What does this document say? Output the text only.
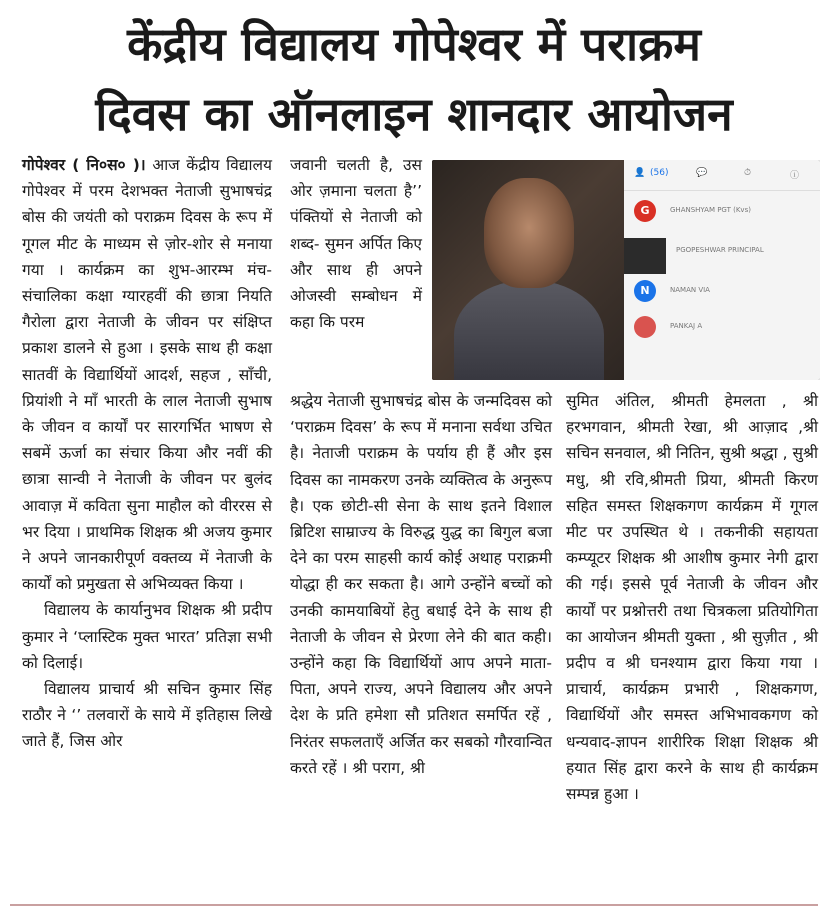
केंद्रीय विद्यालय गोपेश्वर में पराक्रम
दिवस का ऑनलाइन शानदार आयोजन

गोपेश्वर ( नि०स० )। आज केंद्रीय विद्यालय गोपेश्वर में परम देशभक्त नेताजी सुभाषचंद्र बोस की जयंती को पराक्रम दिवस के रूप में गूगल मीट के माध्यम से ज़ोर-शोर से मनाया गया । कार्यक्रम का शुभ-आरम्भ मंच-संचालिका कक्षा ग्यारहवीं की छात्रा नियति गैरोला द्वारा नेताजी के जीवन पर संक्षिप्त प्रकाश डालने से हुआ । इसके साथ ही कक्षा सातवीं के विद्यार्थियों आदर्श, सहज , साँची, प्रियांशी ने माँ भारती के लाल नेताजी सुभाष के जीवन व कार्यों पर सारगर्भित भाषण से सबमें ऊर्जा का संचार किया और नवीं की छात्रा सान्वी ने नेताजी के जीवन पर बुलंद आवाज़ में कविता सुना माहौल को वीररस से भर दिया । प्राथमिक शिक्षक श्री अजय कुमार ने अपने जानकारीपूर्ण वक्तव्य में नेताजी के कार्यों को प्रमुखता से अभिव्यक्त किया ।

विद्यालय के कार्यानुभव शिक्षक श्री प्रदीप कुमार ने ‘प्लास्टिक मुक्त भारत’ प्रतिज्ञा सभी को दिलाई।

विद्यालय प्राचार्य श्री सचिन कुमार सिंह राठौर ने ‘’ तलवारों के साये में इतिहास लिखे जाते हैं, जिस ओर

जवानी चलती है, उस ओर ज़माना चलता है’’ पंक्तियों से नेताजी को शब्द- सुमन अर्पित किए और साथ ही अपने ओजस्वी सम्बोधन में कहा कि परम

श्रद्धेय नेताजी सुभाषचंद्र बोस के जन्मदिवस को ‘पराक्रम दिवस’ के रूप में मनाना सर्वथा उचित है। नेताजी पराक्रम के पर्याय ही हैं और इस दिवस का नामकरण उनके व्यक्तित्व के अनुरूप है। एक छोटी-सी सेना के साथ इतने विशाल ब्रिटिश साम्राज्य के विरुद्ध युद्ध का बिगुल बजा देने का परम साहसी कार्य कोई अथाह पराक्रमी योद्धा ही कर सकता है। आगे उन्होंने बच्चों को उनकी कामयाबियों हेतु बधाई देने के साथ ही नेताजी के जीवन से प्रेरणा लेने की बात कही। उन्होंने कहा कि विद्यार्थियों आप अपने माता-पिता, अपने राज्य, अपने विद्यालय और अपने देश के प्रति हमेशा सौ प्रतिशत समर्पित रहें , निरंतर सफलताएँ अर्जित कर सबको गौरवान्वित करते रहें । श्री पराग, श्री

सुमित अंतिल, श्रीमती हेमलता , श्री हरभगवान, श्रीमती रेखा, श्री आज़ाद ,श्री सचिन सनवाल, श्री नितिन, सुश्री श्रद्धा , सुश्री मधु, श्री रवि,श्रीमती प्रिया, श्रीमती किरण सहित समस्त शिक्षकगण कार्यक्रम में गूगल मीट पर उपस्थित थे । तकनीकी सहायता कम्प्यूटर शिक्षक श्री आशीष कुमार नेगी द्वारा की गई। इससे पूर्व नेताजी के जीवन और कार्यों पर प्रश्नोत्तरी तथा चित्रकला प्रतियोगिता का आयोजन श्रीमती युक्ता , श्री सुज़ीत , श्री प्रदीप व श्री घनश्याम द्वारा किया गया । प्राचार्य, कार्यक्रम प्रभारी , शिक्षकगण, विद्यार्थियों और समस्त अभिभावकगण को धन्यवाद-ज्ञापन शारीरिक शिक्षा शिक्षक श्री हयात सिंह द्वारा करने के साथ ही कार्यक्रम सम्पन्न हुआ ।

👤 (56)	💬	⏱	ⓘ
G	GHANSHYAM PGT (Kvs)
PGOPESHWAR PRINCIPAL
N	NAMAN VIA
PANKAJ A
